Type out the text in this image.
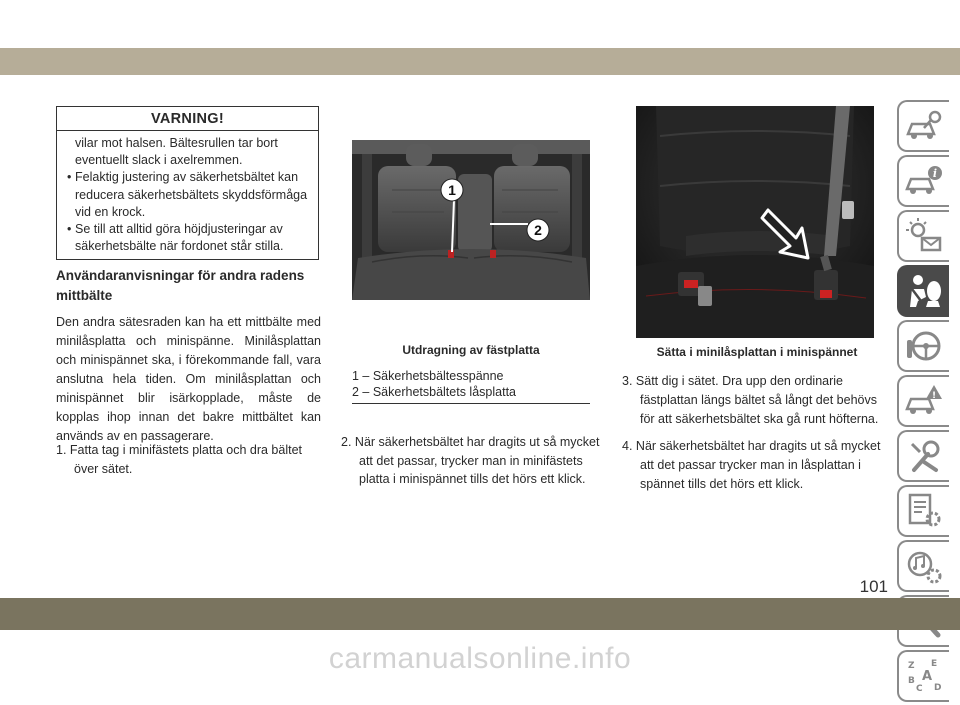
VARNING!
vilar mot halsen. Bältesrullen tar bort eventuellt slack i axelremmen.
• Felaktig justering av säkerhetsbältet kan reducera säkerhetsbältets skyddsförmåga vid en krock.
• Se till att alltid göra höjdjusteringar av säkerhetsbälte när fordonet står stilla.
Användaranvisningar för andra radens mittbälte
Den andra sätesraden kan ha ett mittbälte med minilåsplatta och minispänne. Minilåsplattan och minispännet ska, i förekommande fall, vara anslutna hela tiden. Om minilåsplattan och minispännet blir isärkopplade, måste de kopplas ihop innan det bakre mittbältet kan används av en passagerare.
1. Fatta tag i minifästets platta och dra bältet över sätet.
1
2
Utdragning av fästplatta
1 – Säkerhetsbältesspänne
2 – Säkerhetsbältets låsplatta
2. När säkerhetsbältet har dragits ut så mycket att det passar, trycker man in minifästets platta i minispännet tills det hörs ett klick.
Sätta i minilåsplattan i minispännet
3. Sätt dig i sätet. Dra upp den ordinarie fästplattan längs bältet så långt det behövs för att säkerhetsbältet ska gå runt höfterna.
4. När säkerhetsbältet har dragits ut så mycket att det passar trycker man in låsplattan i spännet tills det hörs ett klick.
i
!
Z E
B A
C D
101
carmanualsonline.info
